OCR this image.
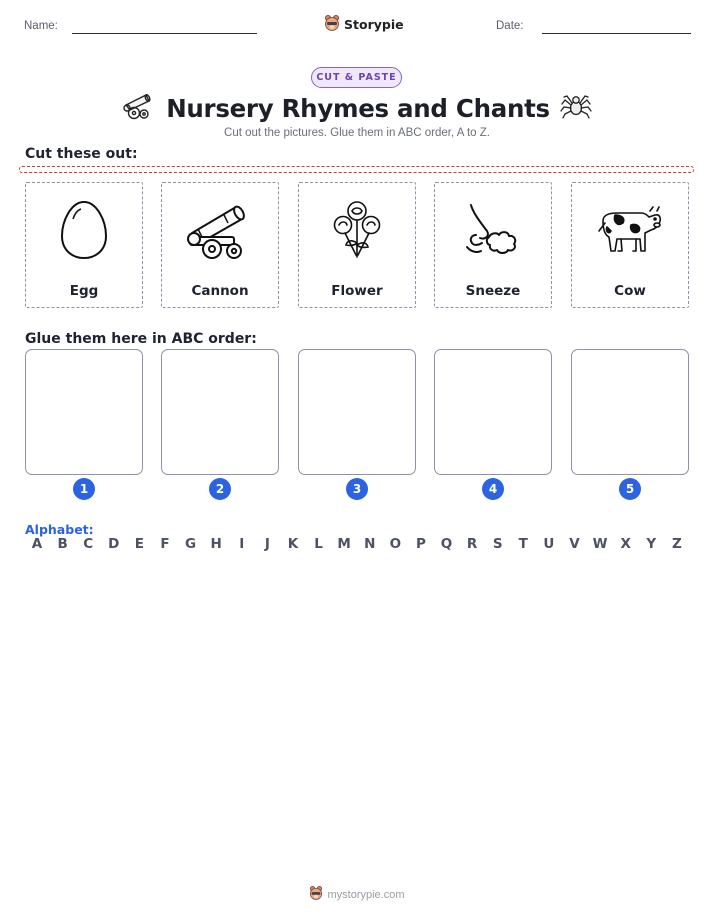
Name:	Storypie	Date:
CUT & PASTE
Nursery Rhymes and Chants
Cut out the pictures. Glue them in ABC order, A to Z.
Cut these out:
Egg	Cannon	Flower	Sneeze	Cow
Glue them here in ABC order:
1	2	3	4	5
Alphabet:
A	B	C	D	E	F	G	H	I	J	K	L	M N	O	P	Q	R	S	T	U	V W X	Y	Z
mystorypie.com
